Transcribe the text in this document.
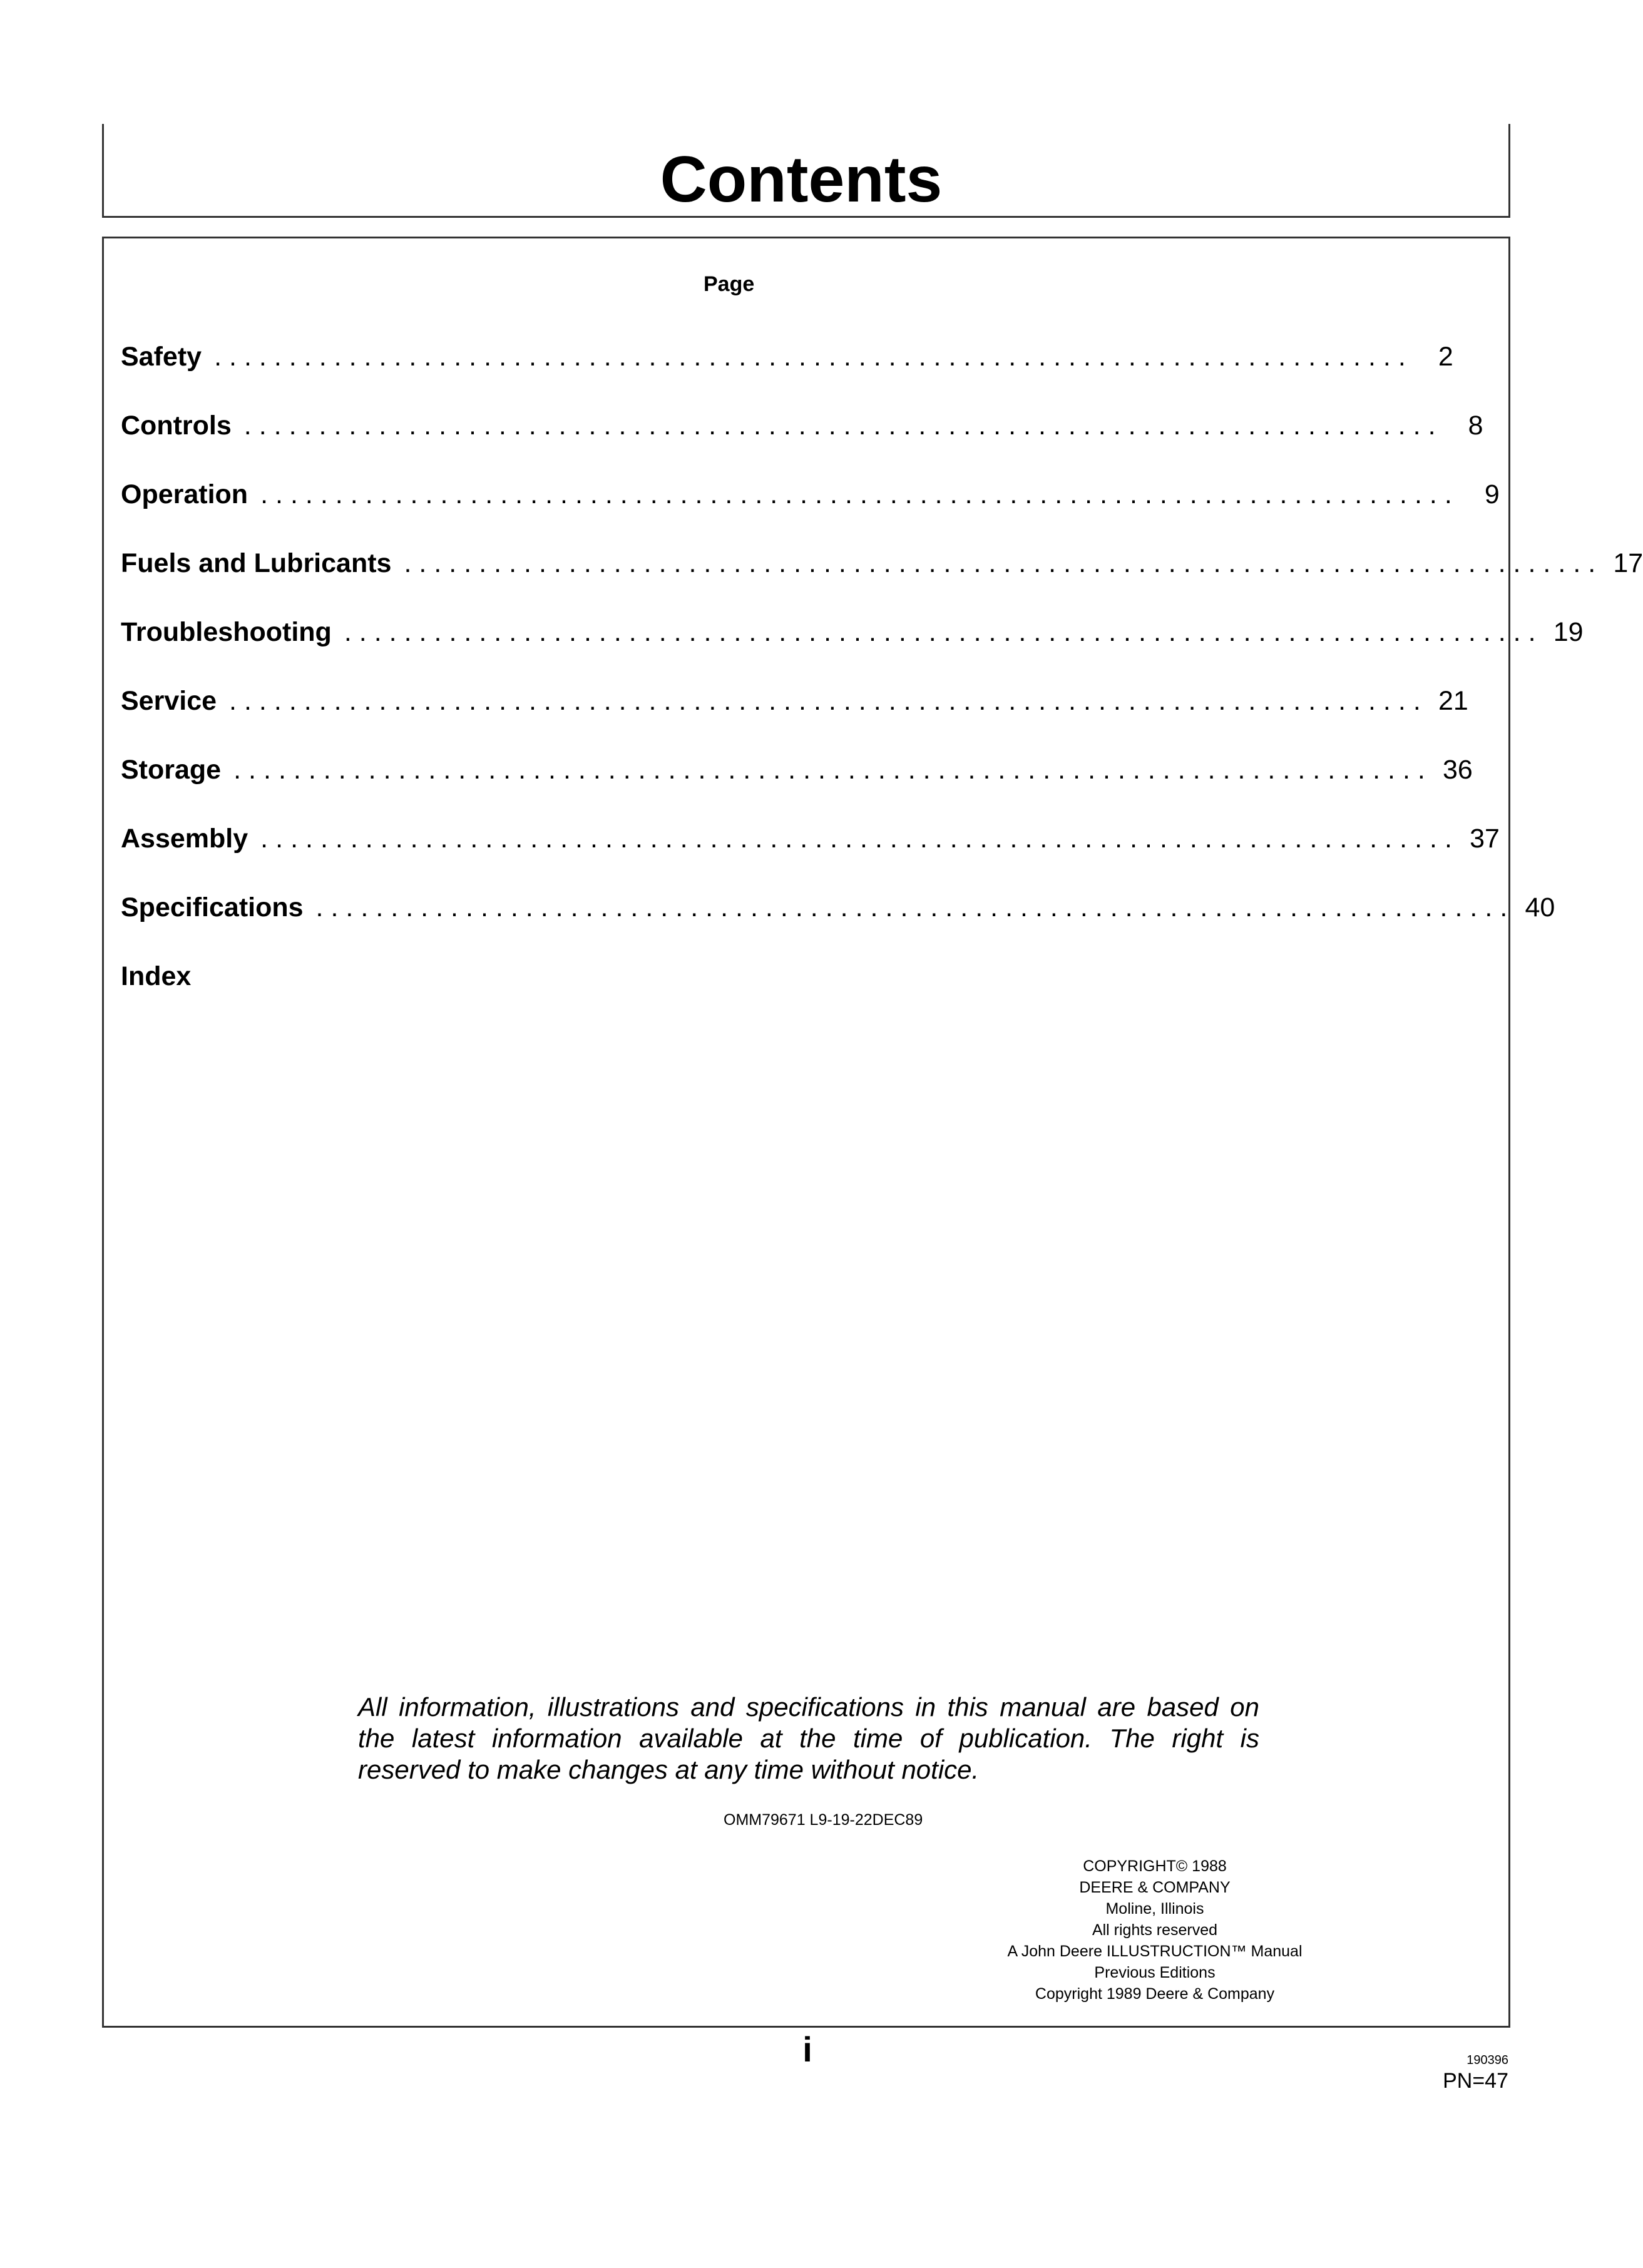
Contents
Page
Safety ................................................................................ 2
Controls ................................................................................ 8
Operation ................................................................................ 9
Fuels and Lubricants ................................................................................ 17
Troubleshooting ................................................................................ 19
Service ................................................................................ 21
Storage ................................................................................ 36
Assembly ................................................................................ 37
Specifications ................................................................................ 40
Index

All information, illustrations and specifications in this manual are based on the latest information available at the time of publication. The right is reserved to make changes at any time without notice.

OMM79671 L9-19-22DEC89
COPYRIGHT© 1988
DEERE & COMPANY
Moline, Illinois
All rights reserved
A John Deere ILLUSTRUCTION™ Manual
Previous Editions
Copyright 1989 Deere & Company
i	190396
PN=47
